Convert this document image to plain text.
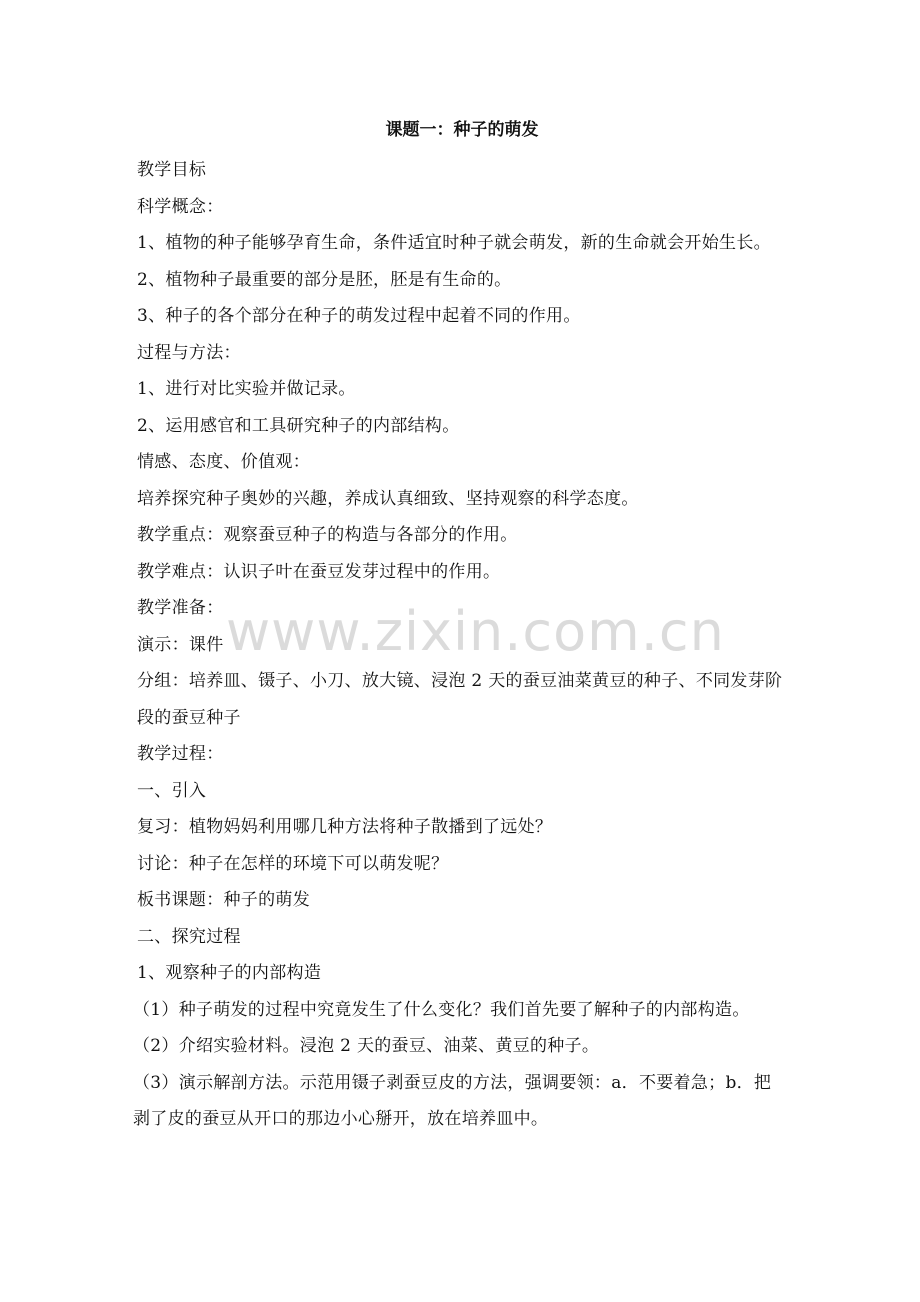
课题一：种子的萌发
教学目标
科学概念：
1、植物的种子能够孕育生命，条件适宜时种子就会萌发，新的生命就会开始生长。
2、植物种子最重要的部分是胚，胚是有生命的。
3、种子的各个部分在种子的萌发过程中起着不同的作用。
过程与方法：
1、进行对比实验并做记录。
2、运用感官和工具研究种子的内部结构。
情感、态度、价值观：
培养探究种子奥妙的兴趣，养成认真细致、坚持观察的科学态度。
教学重点：观察蚕豆种子的构造与各部分的作用。
教学难点：认识子叶在蚕豆发芽过程中的作用。
教学准备：
演示：课件
分组：培养皿、镊子、小刀、放大镜、浸泡 2 天的蚕豆油菜黄豆的种子、不同发芽阶段的蚕豆种子
教学过程：
一、引入
复习：植物妈妈利用哪几种方法将种子散播到了远处？
讨论：种子在怎样的环境下可以萌发呢？
板书课题：种子的萌发
二、探究过程
1、观察种子的内部构造
（1）种子萌发的过程中究竟发生了什么变化？我们首先要了解种子的内部构造。
（2）介绍实验材料。浸泡 2 天的蚕豆、油菜、黄豆的种子。
（3）演示解剖方法。示范用镊子剥蚕豆皮的方法，强调要领：a．不要着急；b．把剥了皮的蚕豆从开口的那边小心掰开，放在培养皿中。
www.zixin.com.cn
